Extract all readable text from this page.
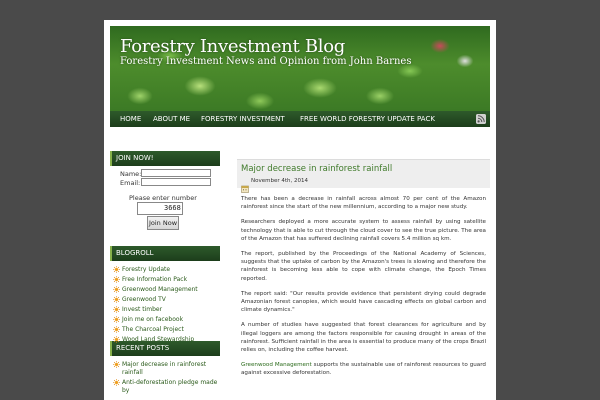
Forestry Investment Blog
Forestry Investment News and Opinion from John Barnes
HOME ABOUT ME FORESTRY INVESTMENT FREE WORLD FORESTRY UPDATE PACK
JOIN NOW!
Name:
Email:
Please enter number
3668
Join Now
BLOGROLL
Forestry Update
Free Information Pack
Greenwood Management
Greenwood TV
Invest timber
Join me on facebook
The Charcoal Project
Wood Land Stewardship
RECENT POSTS
Major decrease in rainforest rainfall
Anti-deforestation pledge made by
Major decrease in rainforest rainfall
November 4th, 2014

There has been a decrease in rainfall across almost 70 per cent of the Amazon rainforest since the start of the new millennium, according to a major new study.

Researchers deployed a more accurate system to assess rainfall by using satellite technology that is able to cut through the cloud cover to see the true picture. The area of the Amazon that has suffered declining rainfall covers 5.4 million sq km.

The report, published by the Proceedings of the National Academy of Sciences, suggests that the uptake of carbon by the Amazon's trees is slowing and therefore the rainforest is becoming less able to cope with climate change, the Epoch Times reported.

The report said: "Our results provide evidence that persistent drying could degrade Amazonian forest canopies, which would have cascading effects on global carbon and climate dynamics."

A number of studies have suggested that forest clearances for agriculture and by illegal loggers are among the factors responsible for causing drought in areas of the rainforest. Sufficient rainfall in the area is essential to produce many of the crops Brazil relies on, including the coffee harvest.

Greenwood Management supports the sustainable use of rainforest resources to guard against excessive deforestation.
